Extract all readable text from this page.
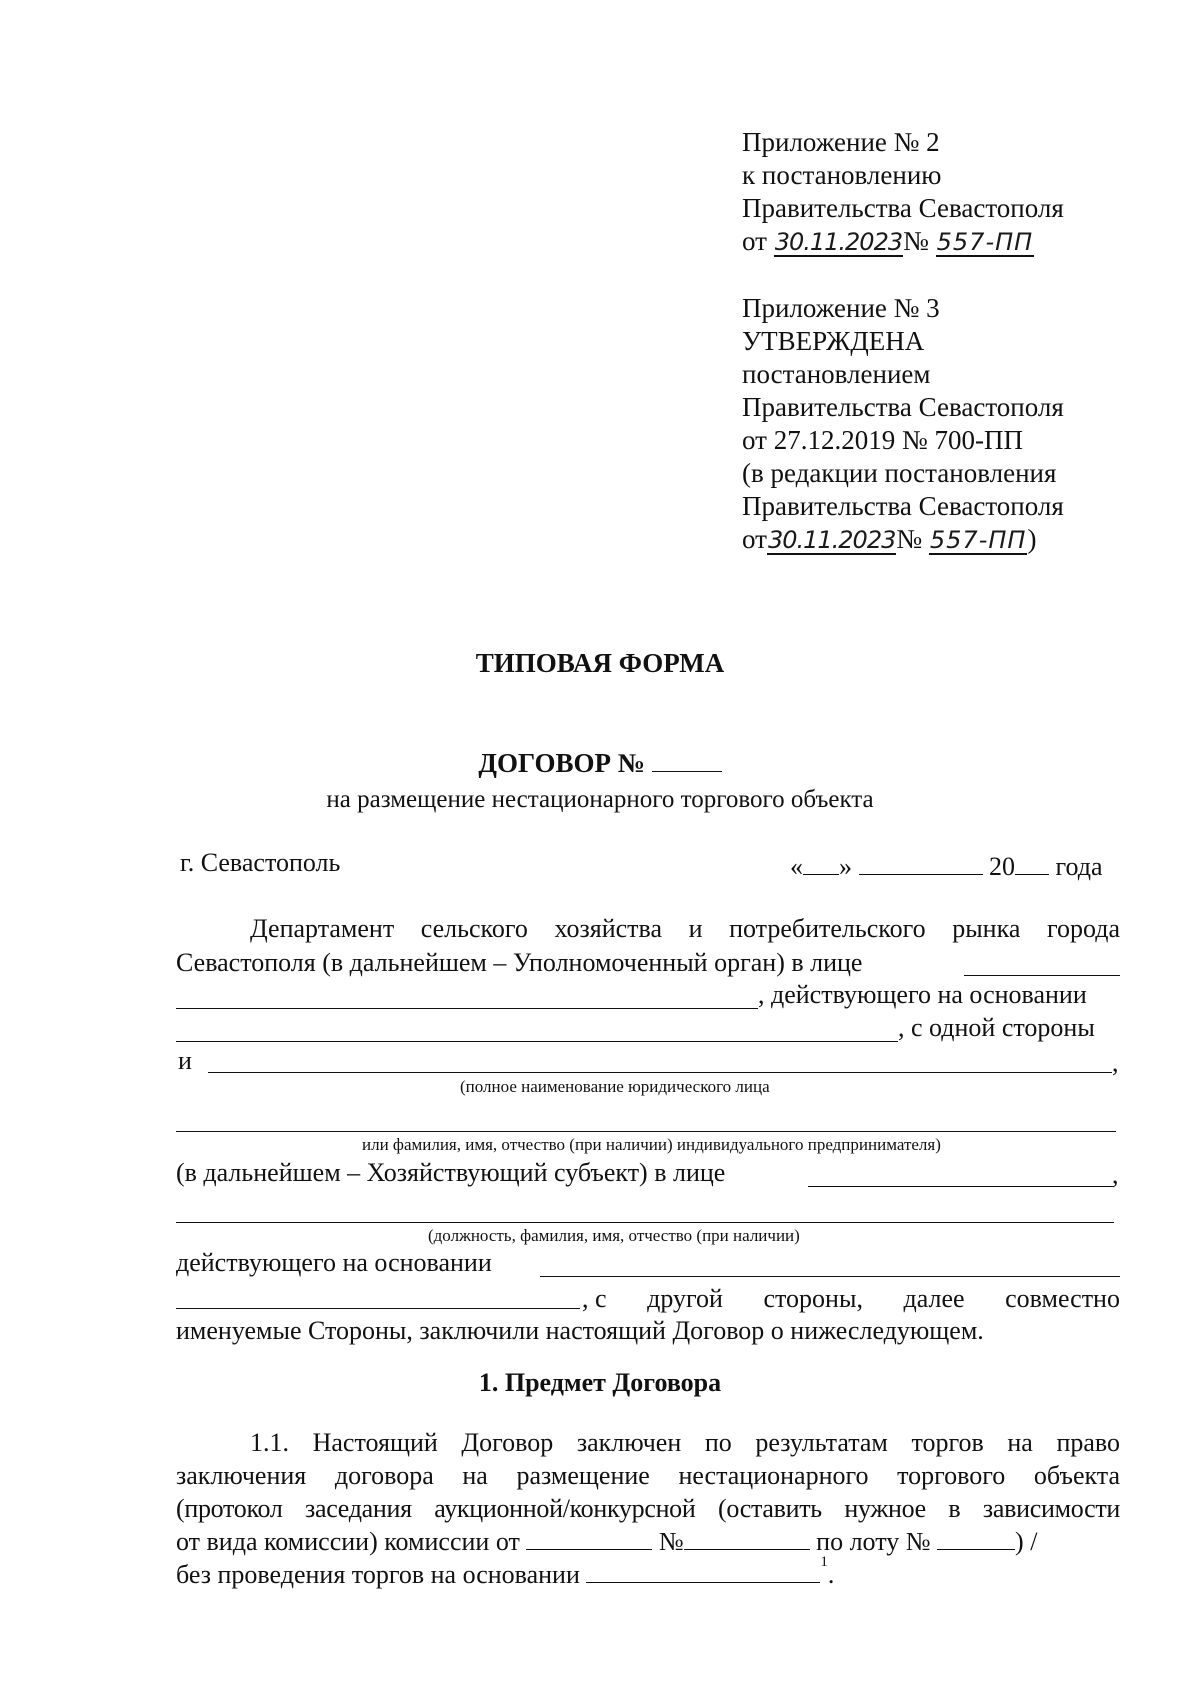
Приложение № 2
к постановлению
Правительства Севастополя
от 30.11.2023№ 557-ПП
Приложение № 3
УТВЕРЖДЕНА
постановлением
Правительства Севастополя
от 27.12.2019 № 700-ПП
(в редакции постановления
Правительства Севастополя
от30.11.2023№ 557-ПП)
ТИПОВАЯ ФОРМА
ДОГОВОР №
на размещение нестационарного торгового объекта
г. Севастополь	« »	20 года
Департамент сельского хозяйства и потребительского рынка города
Севастополя (в дальнейшем – Уполномоченный орган) в лице
, действующего на основании
, с одной стороны
и	,
(полное наименование юридического лица
или фамилия, имя, отчество (при наличии) индивидуального предпринимателя)
(в дальнейшем – Хозяйствующий субъект) в лице	,
(должность, фамилия, имя, отчество (при наличии)
действующего на основании
, с другой стороны, далее совместно
именуемые Стороны, заключили настоящий Договор о нижеследующем.
1. Предмет Договора
1.1. Настоящий Договор заключен по результатам торгов на право
заключения договора на размещение нестационарного торгового объекта
(протокол заседания аукционной/конкурсной (оставить нужное в зависимости
от вида комиссии) комиссии от	№	по лоту №	) /
без проведения торгов на основании	$^1$.
